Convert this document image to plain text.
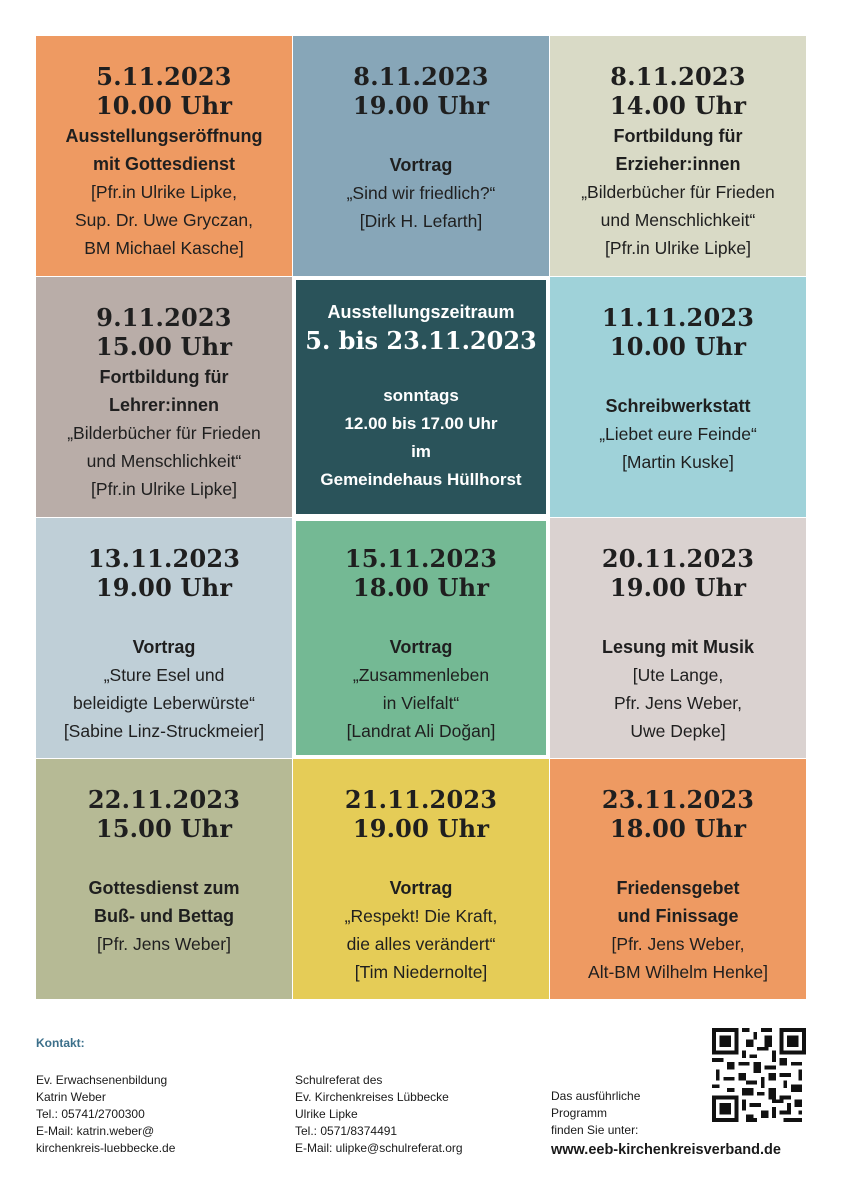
5.11.2023
10.00 Uhr
Ausstellungseröffnung
mit Gottesdienst
[Pfr.in Ulrike Lipke,
Sup. Dr. Uwe Gryczan,
BM Michael Kasche]
8.11.2023
19.00 Uhr
Vortrag
„Sind wir friedlich?“
[Dirk H. Lefarth]
8.11.2023
14.00 Uhr
Fortbildung für
Erzieher:innen
„Bilderbücher für Frieden
und Menschlichkeit“
[Pfr.in Ulrike Lipke]
9.11.2023
15.00 Uhr
Fortbildung für
Lehrer:innen
„Bilderbücher für Frieden
und Menschlichkeit“
[Pfr.in Ulrike Lipke]
Ausstellungszeitraum
5. bis 23.11.2023
sonntags
12.00 bis 17.00 Uhr
im
Gemeindehaus Hüllhorst
11.11.2023
10.00 Uhr
Schreibwerkstatt
„Liebet eure Feinde“
[Martin Kuske]
13.11.2023
19.00 Uhr
Vortrag
„Sture Esel und
beleidigte Leberwürste“
[Sabine Linz-Struckmeier]
15.11.2023
18.00 Uhr
Vortrag
„Zusammenleben
in Vielfalt“
[Landrat Ali Doğan]
20.11.2023
19.00 Uhr
Lesung mit Musik
[Ute Lange,
Pfr. Jens Weber,
Uwe Depke]
22.11.2023
15.00 Uhr
Gottesdienst zum
Buß- und Bettag
[Pfr. Jens Weber]
21.11.2023
19.00 Uhr
Vortrag
„Respekt! Die Kraft,
die alles verändert“
[Tim Niedernolte]
23.11.2023
18.00 Uhr
Friedensgebet
und Finissage
[Pfr. Jens Weber,
Alt-BM Wilhelm Henke]
Kontakt:
Ev. Erwachsenenbildung
Katrin Weber
Tel.: 05741/2700300
E-Mail: katrin.weber@
kirchenkreis-luebbecke.de
Schulreferat des
Ev. Kirchenkreises Lübbecke
Ulrike Lipke
Tel.: 0571/8374491
E-Mail: ulipke@schulreferat.org
Das ausführliche
Programm
finden Sie unter:
www.eeb-kirchenkreisverband.de
